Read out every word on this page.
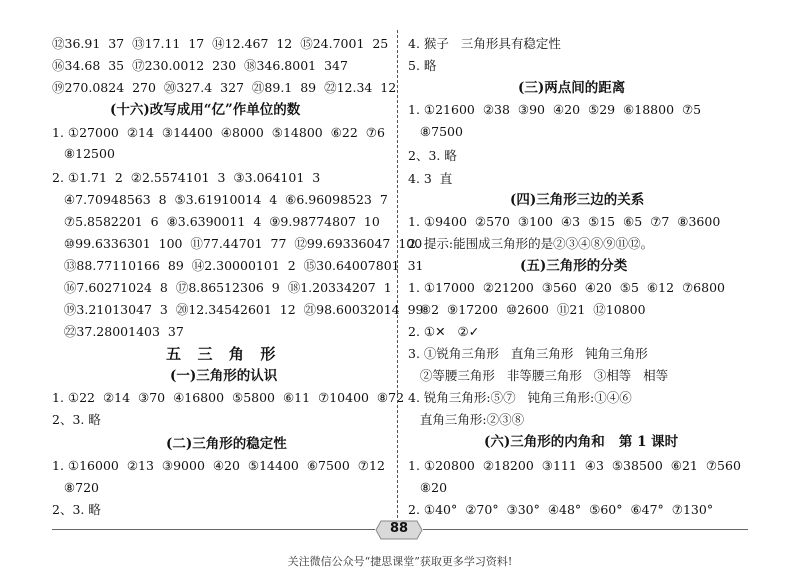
⑫36.91  37  ⑬17.11  17  ⑭12.467  12  ⑮24.7001  25
⑯34.68  35  ⑰230.0012  230  ⑱346.8001  347
⑲270.0824  270  ⑳327.4  327  ㉑89.1  89  ㉒12.34  12
(十六)改写成用“亿”作单位的数
1. ①27000  ②14  ③14400  ④8000  ⑤14800  ⑥22  ⑦6
⑧12500
2. ①1.71  2  ②2.5574101  3  ③3.064101  3
④7.70948563  8  ⑤3.61910014  4  ⑥6.96098523  7
⑦5.8582201  6  ⑧3.6390011  4  ⑨9.98774807  10
⑩99.6336301  100  ⑪77.44701  77  ⑫99.69336047  100
⑬88.77110166  89  ⑭2.30000101  2  ⑮30.64007801  31
⑯7.60271024  8  ⑰8.86512306  9  ⑱1.20334207  1
⑲3.21013047  3  ⑳12.34542601  12  ㉑98.60032014  99
㉒37.28001403  37
五  三  角  形
(一)三角形的认识
1. ①22  ②14  ③70  ④16800  ⑤5800  ⑥11  ⑦10400  ⑧72
2、3. 略
(二)三角形的稳定性
1. ①16000  ②13  ③9000  ④20  ⑤14400  ⑥7500  ⑦12
⑧720
2、3. 略
4. 猴子   三角形具有稳定性
5. 略
(三)两点间的距离
1. ①21600  ②38  ③90  ④20  ⑤29  ⑥18800  ⑦5
⑧7500
2、3. 略
4. 3  直
(四)三角形三边的关系
1. ①9400  ②570  ③100  ④3  ⑤15  ⑥5  ⑦7  ⑧3600
2. 提示:能围成三角形的是②③④⑧⑨⑪⑫。
(五)三角形的分类
1. ①17000  ②21200  ③560  ④20  ⑤5  ⑥12  ⑦6800
⑧2  ⑨17200  ⑩2600  ⑪21  ⑫10800
2. ①✕   ②✓
3. ①锐角三角形   直角三角形   钝角三角形
②等腰三角形   非等腰三角形   ③相等   相等
4. 锐角三角形:⑤⑦   钝角三角形:①④⑥
直角三角形:②③⑧
(六)三角形的内角和   第 1 课时
1. ①20800  ②18200  ③111  ④3  ⑤38500  ⑥21  ⑦560
⑧20
2. ①40°  ②70°  ③30°  ④48°  ⑤60°  ⑥47°  ⑦130°
88
关注微信公众号“捷思课堂”获取更多学习资料!
